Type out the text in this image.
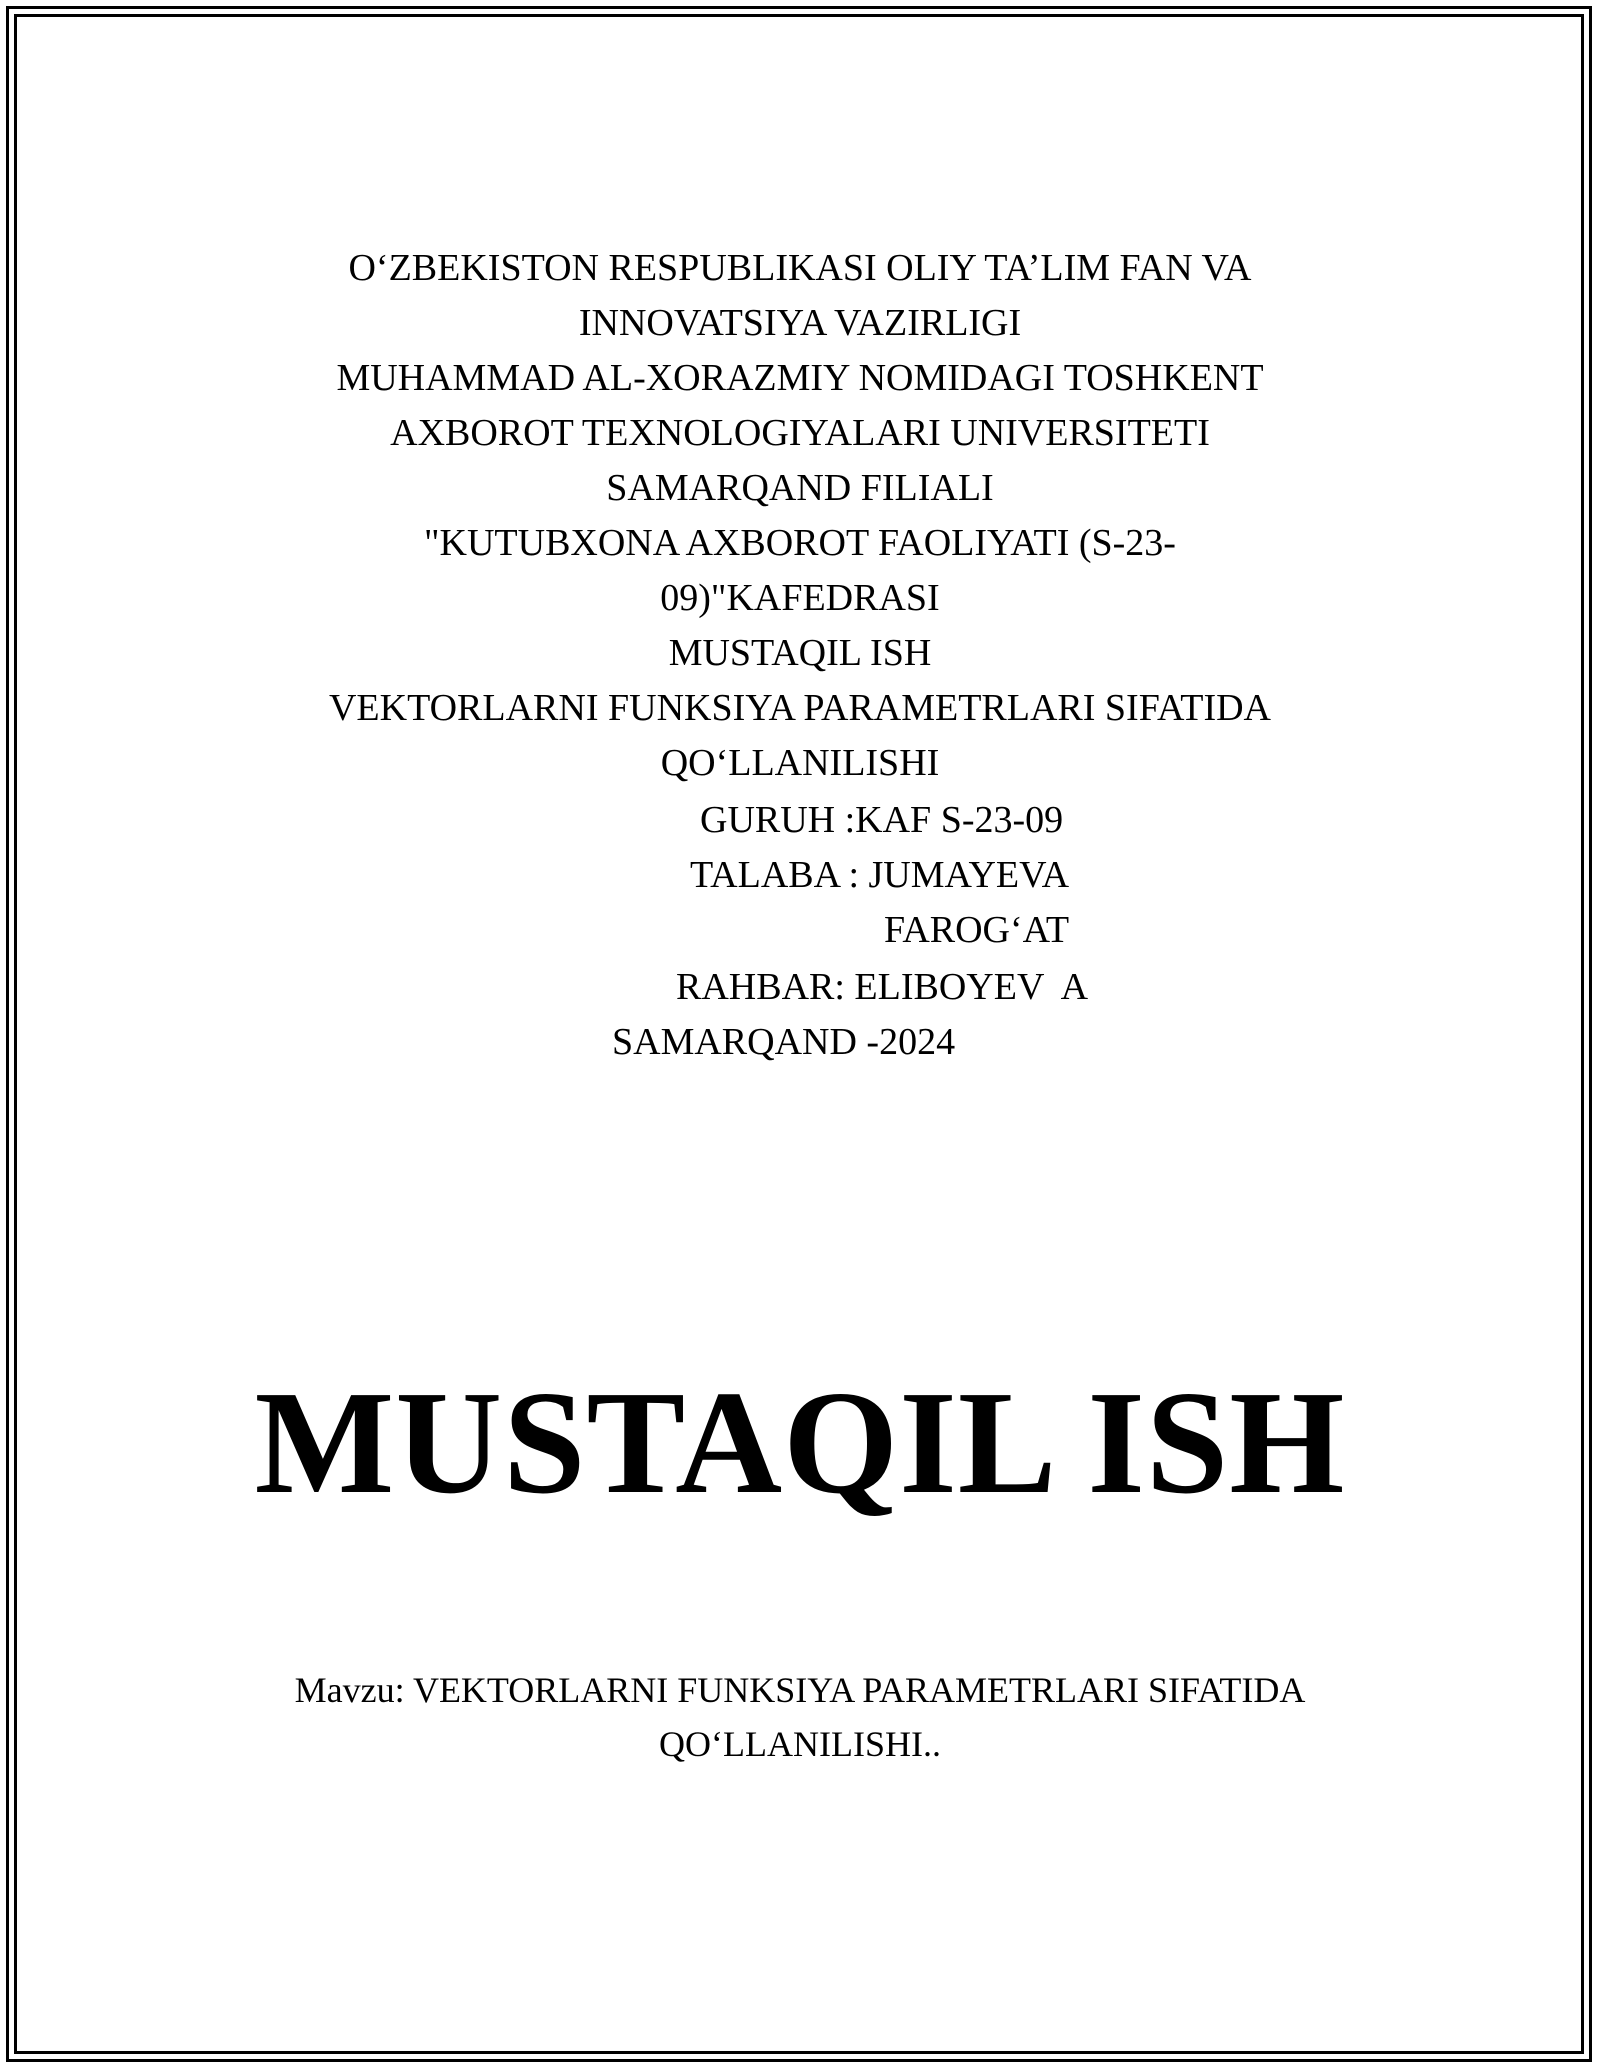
O‘ZBEKISTON RESPUBLIKASI OLIY TA’LIM FAN VA
INNOVATSIYA VAZIRLIGI
MUHAMMAD AL-XORAZMIY NOMIDAGI TOSHKENT
AXBOROT TEXNOLOGIYALARI UNIVERSITETI
SAMARQAND FILIALI
"KUTUBXONA AXBOROT FAOLIYATI (S-23-
09)"KAFEDRASI
MUSTAQIL ISH
VEKTORLARNI FUNKSIYA PARAMETRLARI SIFATIDA
QO‘LLANILISHI
GURUH :KAF S-23-09
TALABA : JUMAYEVA
FAROG‘AT
RAHBAR: ELIBOYEV  A
SAMARQAND -2024
MUSTAQIL ISH
Mavzu: VEKTORLARNI FUNKSIYA PARAMETRLARI SIFATIDA
QO‘LLANILISHI..
